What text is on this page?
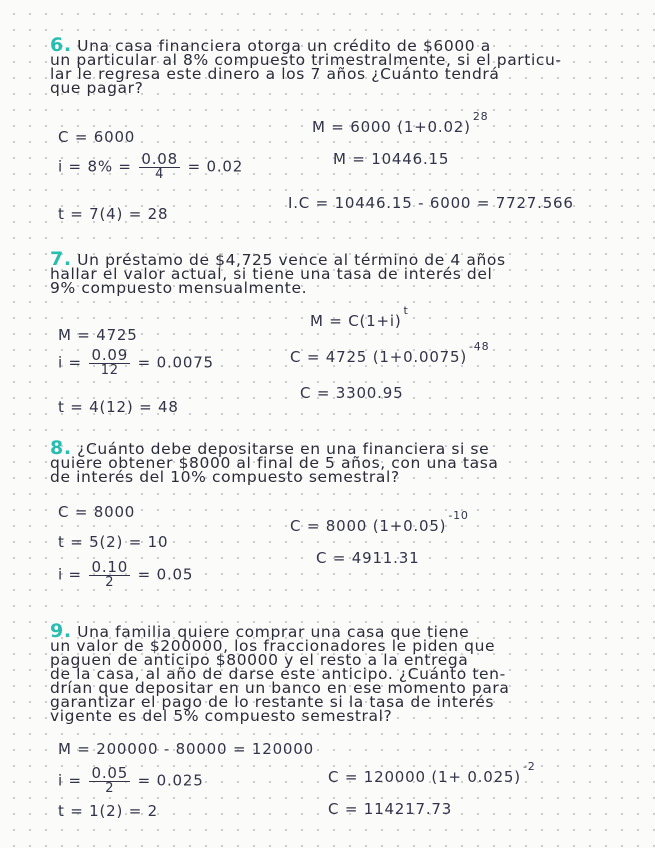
6. Una casa financiera otorga un crédito de $6000 a
un particular al 8% compuesto trimestralmente, si el particu-
lar le regresa este dinero a los 7 años ¿Cuánto tendrá
que pagar?

C = 6000
$i = 8\% = \frac{0.08}{4} = 0.02$
t = 7(4) = 28
M = 6000 $(1+0.02)^{28}$
M = 10446.15
I.C = 10446.15 - 6000 = 7727.566

7. Un préstamo de $4,725 vence al término de 4 años
hallar el valor actual, si tiene una tasa de interés del
9% compuesto mensualmente.

$M = C(1+i)^t$
M = 4725
$i = \frac{0.09}{12} = 0.0075$
t = 4(12) = 48
C = 4725 $(1+0.0075)^{-48}$
C = 3300.95

8. ¿Cuánto debe depositarse en una financiera si se
quiere obtener $8000 al final de 5 años, con una tasa
de interés del 10% compuesto semestral?

C = 8000
t = 5(2) = 10
$i = \frac{0.10}{2} = 0.05$
C = 8000 $(1+0.05)^{-10}$
C = 4911.31

9. Una familia quiere comprar una casa que tiene
un valor de $200000, los fraccionadores le piden que
paguen de anticipo $80000 y el resto a la entrega
de la casa, al año de darse este anticipo. ¿Cuánto ten-
drían que depositar en un banco en ese momento para
garantizar el pago de lo restante si la tasa de interés
vigente es del 5% compuesto semestral?

M = 200000 - 80000 = 120000
$i = \frac{0.05}{2} = 0.025$
t = 1(2) = 2
C = 120000 $(1+ 0.025)^{-2}$
C = 114217.73
